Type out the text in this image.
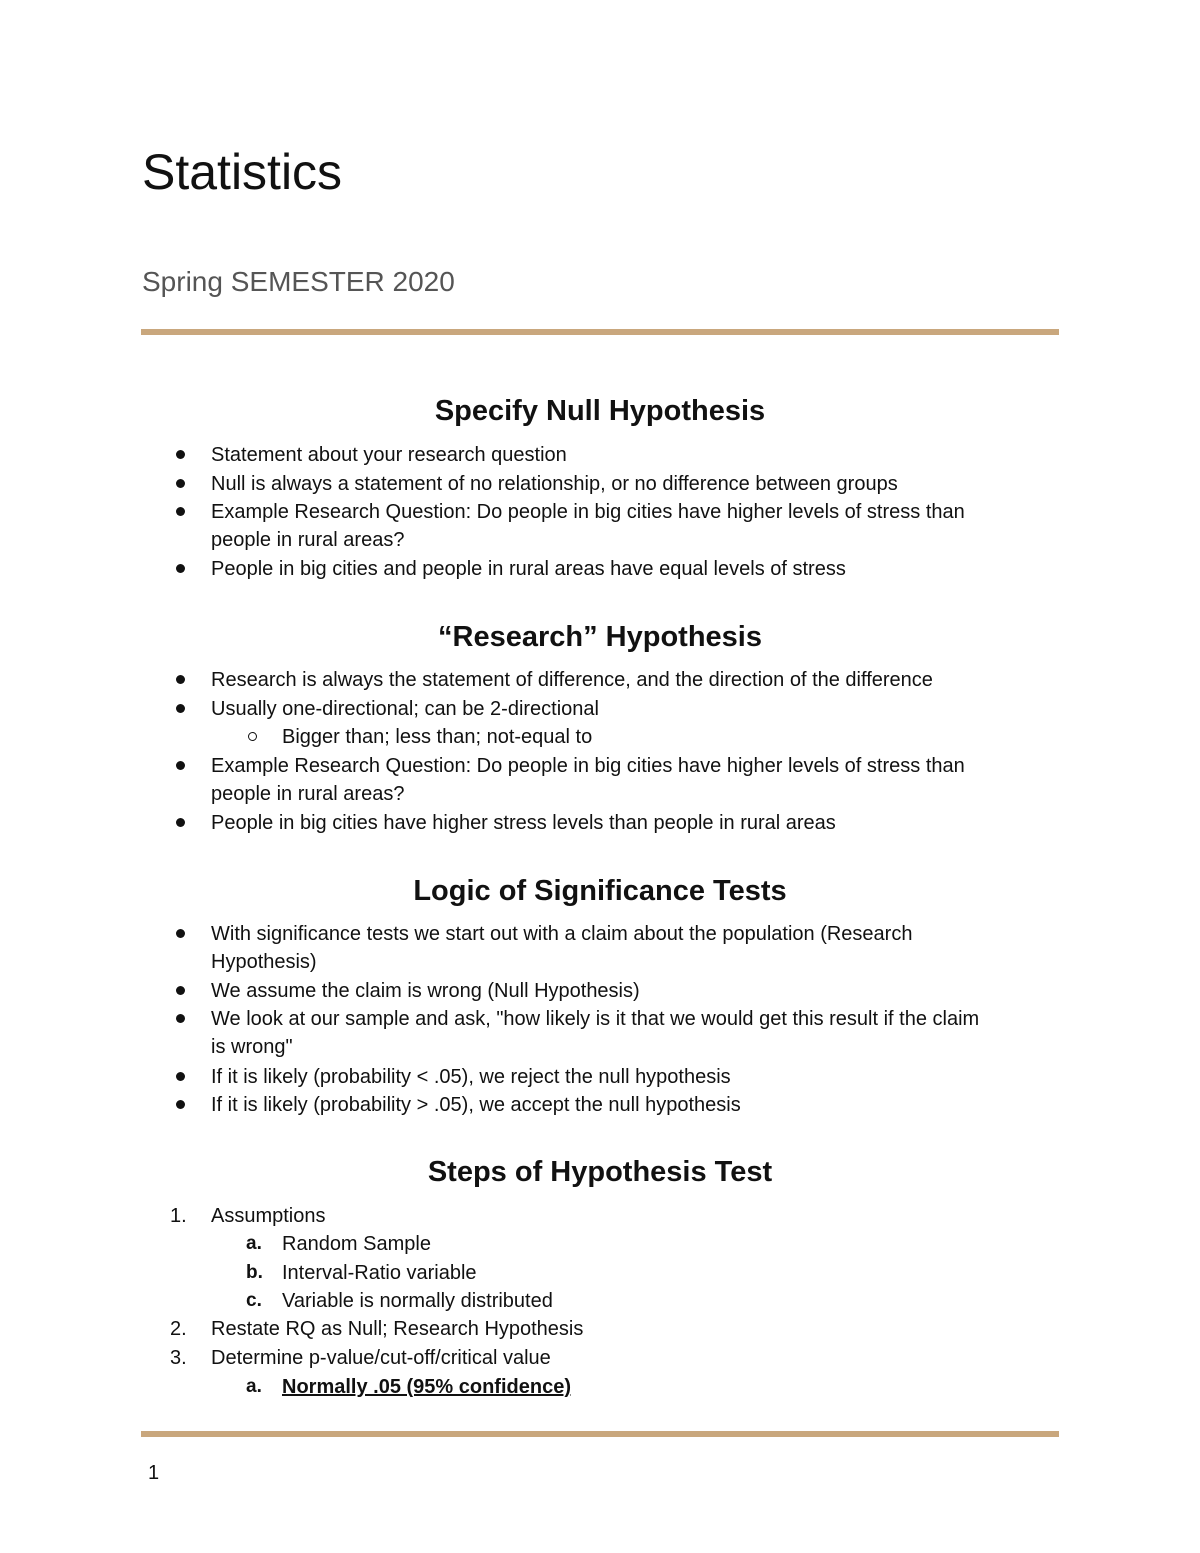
Statistics

Spring SEMESTER 2020

Specify Null Hypothesis
Statement about your research question
Null is always a statement of no relationship, or no difference between groups
Example Research Question: Do people in big cities have higher levels of stress than
people in rural areas?
People in big cities and people in rural areas have equal levels of stress
“Research” Hypothesis
Research is always the statement of difference, and the direction of the difference
Usually one-directional; can be 2-directional
Bigger than; less than; not-equal to
Example Research Question: Do people in big cities have higher levels of stress than
people in rural areas?
People in big cities have higher stress levels than people in rural areas
Logic of Significance Tests
With significance tests we start out with a claim about the population (Research
Hypothesis)
We assume the claim is wrong (Null Hypothesis)
We look at our sample and ask, "how likely is it that we would get this result if the claim
is wrong"
If it is likely (probability < .05), we reject the null hypothesis
If it is likely (probability > .05), we accept the null hypothesis
Steps of Hypothesis Test
1.	Assumptions
a.	Random Sample
b. Interval-Ratio variable
c.	Variable is normally distributed
2.	Restate RQ as Null; Research Hypothesis
3.	Determine p-value/cut-off/critical value
a.	Normally .05 (95% confidence)
1
